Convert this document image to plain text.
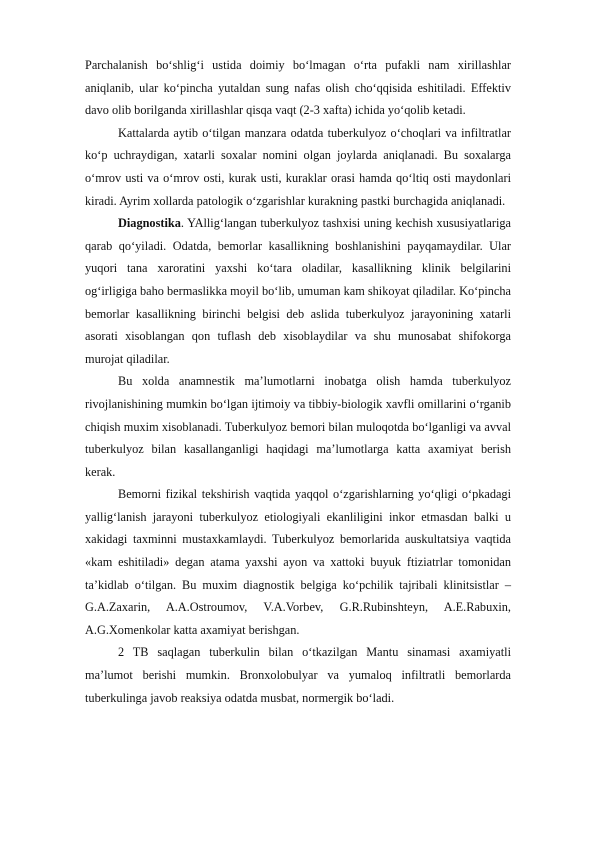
Parchalanish bo‘shlig‘i ustida doimiy bo‘lmagan o‘rta pufakli nam xirillashlar aniqlanib, ular ko‘pincha yutaldan sung nafas olish cho‘qqisida eshitiladi. Effektiv davo olib borilganda xirillashlar qisqa vaqt (2-3 xafta) ichida yo‘qolib ketadi.

Kattalarda aytib o‘tilgan manzara odatda tuberkulyoz o‘choqlari va infiltratlar ko‘p uchraydigan, xatarli soxalar nomini olgan joylarda aniqlanadi. Bu soxalarga o‘mrov usti va o‘mrov osti, kurak usti, kuraklar orasi hamda qo‘ltiq osti maydonlari kiradi. Ayrim xollarda patologik o‘zgarishlar kurakning pastki burchagida aniqlanadi.

Diagnostika. YAllig‘langan tuberkulyoz tashxisi uning kechish xususiyatlariga qarab qo‘yiladi. Odatda, bemorlar kasallikning boshlanishini payqamaydilar. Ular yuqori tana xaroratini yaxshi ko‘tara oladilar, kasallikning klinik belgilarini og‘irligiga baho bermaslikka moyil bo‘lib, umuman kam shikoyat qiladilar. Ko‘pincha bemorlar kasallikning birinchi belgisi deb aslida tuberkulyoz jarayonining xatarli asorati xisoblangan qon tuflash deb xisoblaydilar va shu munosabat shifokorga murojat qiladilar.

Bu xolda anamnestik ma’lumotlarni inobatga olish hamda tuberkulyoz rivojlanishining mumkin bo‘lgan ijtimoiy va tibbiy-biologik xavfli omillarini o‘rganib chiqish muxim xisoblanadi. Tuberkulyoz bemori bilan muloqotda bo‘lganligi va avval tuberkulyoz bilan kasallanganligi haqidagi ma’lumotlarga katta axamiyat berish kerak.

Bemorni fizikal tekshirish vaqtida yaqqol o‘zgarishlarning yo‘qligi o‘pkadagi yallig‘lanish jarayoni tuberkulyoz etiologiyali ekanliligini inkor etmasdan balki u xakidagi taxminni mustaxkamlaydi. Tuberkulyoz bemorlarida auskultatsiya vaqtida «kam eshitiladi» degan atama yaxshi ayon va xattoki buyuk ftiziatrlar tomonidan ta’kidlab o‘tilgan. Bu muxim diagnostik belgiga ko‘pchilik tajribali klinitsistlar – G.A.Zaxarin, A.A.Ostroumov, V.A.Vorbev, G.R.Rubinshteyn, A.E.Rabuxin, A.G.Xomenkolar katta axamiyat berishgan.

2 TB saqlagan tuberkulin bilan o‘tkazilgan Mantu sinamasi axamiyatli ma’lumot berishi mumkin. Bronxolobulyar va yumaloq infiltratli bemorlarda tuberkulinga javob reaksiya odatda musbat, normergik bo‘ladi.
